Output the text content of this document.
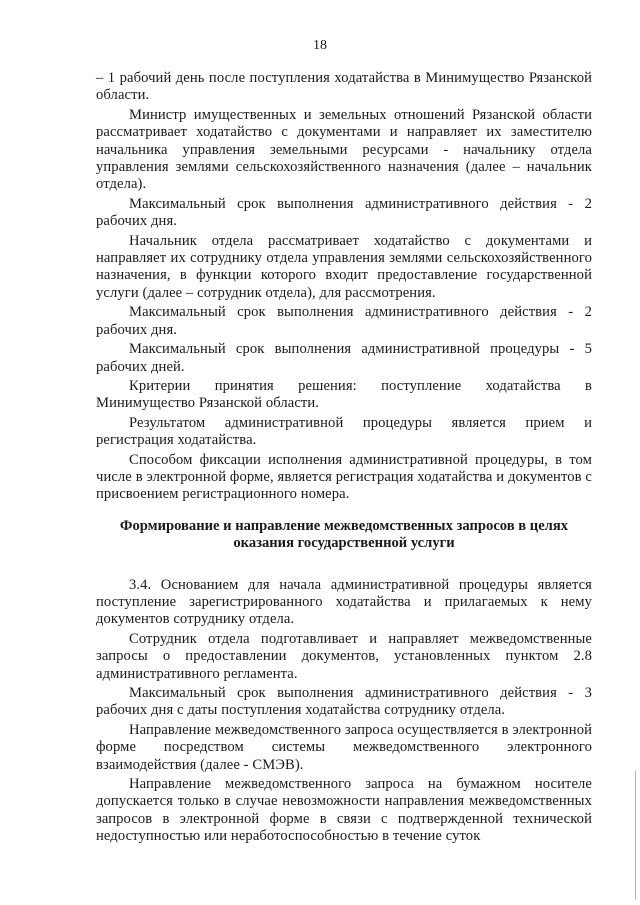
18

– 1 рабочий день после поступления ходатайства в Минимущество Рязанской области.

Министр имущественных и земельных отношений Рязанской области рассматривает ходатайство с документами и направляет их заместителю начальника управления земельными ресурсами - начальнику отдела управления землями сельскохозяйственного назначения (далее – начальник отдела).

Максимальный срок выполнения административного действия - 2 рабочих дня.

Начальник отдела рассматривает ходатайство с документами и направляет их сотруднику отдела управления землями сельскохозяйственного назначения, в функции которого входит предоставление государственной услуги (далее – сотрудник отдела), для рассмотрения.

Максимальный срок выполнения административного действия - 2 рабочих дня.

Максимальный срок выполнения административной процедуры - 5 рабочих дней.

Критерии принятия решения: поступление ходатайства в Минимущество Рязанской области.

Результатом административной процедуры является прием и регистрация ходатайства.

Способом фиксации исполнения административной процедуры, в том числе в электронной форме, является регистрация ходатайства и документов с присвоением регистрационного номера.

Формирование и направление межведомственных запросов в целях оказания государственной услуги

3.4. Основанием для начала административной процедуры является поступление зарегистрированного ходатайства и прилагаемых к нему документов сотруднику отдела.

Сотрудник отдела подготавливает и направляет межведомственные запросы о предоставлении документов, установленных пунктом 2.8 административного регламента.

Максимальный срок выполнения административного действия - 3 рабочих дня с даты поступления ходатайства сотруднику отдела.

Направление межведомственного запроса осуществляется в электронной форме посредством системы межведомственного электронного взаимодействия (далее - СМЭВ).

Направление межведомственного запроса на бумажном носителе допускается только в случае невозможности направления межведомственных запросов в электронной форме в связи с подтвержденной технической недоступностью или неработоспособностью в течение суток
